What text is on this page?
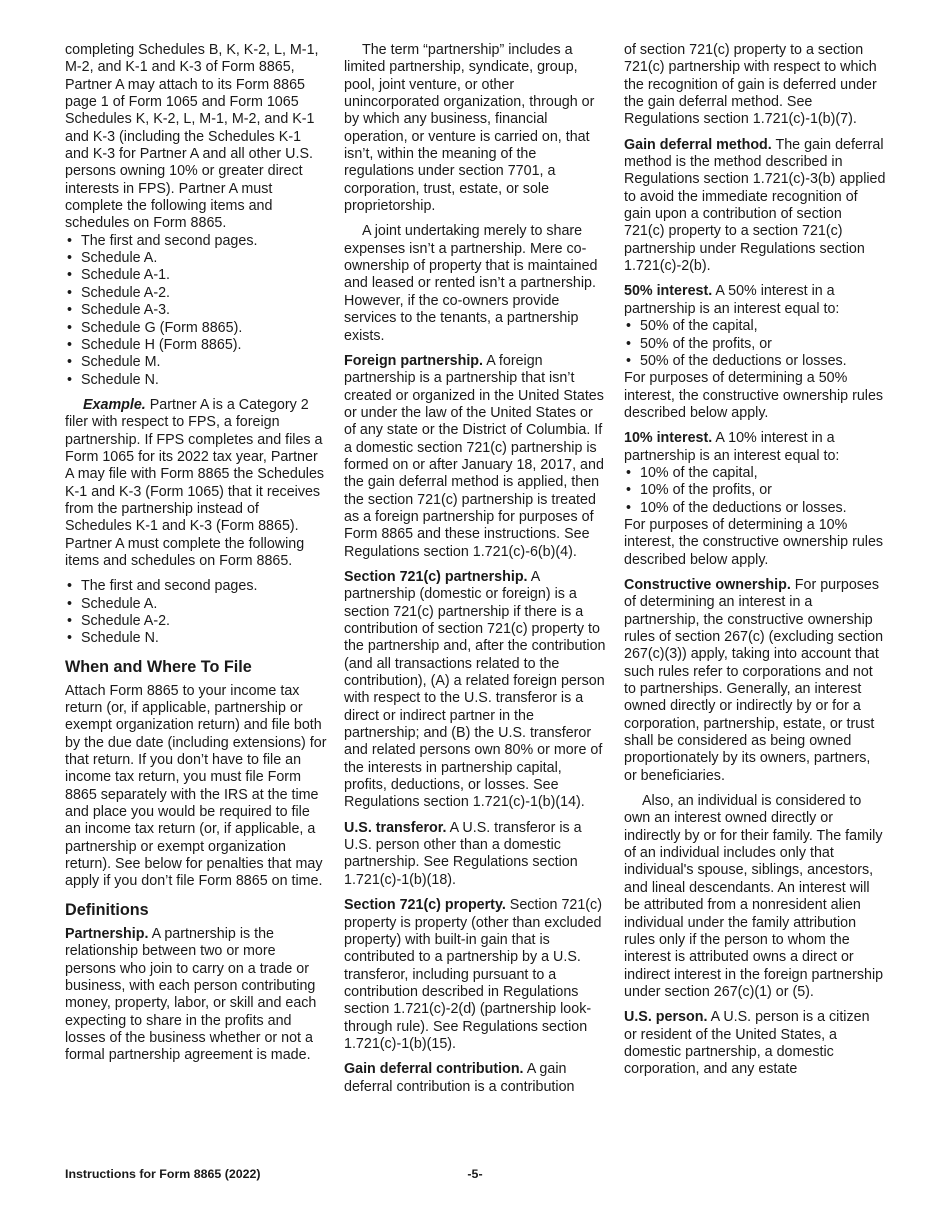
completing Schedules B, K, K-2, L, M-1, M-2, and K-1 and K-3 of Form 8865, Partner A may attach to its Form 8865 page 1 of Form 1065 and Form 1065 Schedules K, K-2, L, M-1, M-2, and K-1 and K-3 (including the Schedules K-1 and K-3 for Partner A and all other U.S. persons owning 10% or greater direct interests in FPS). Partner A must complete the following items and schedules on Form 8865.

• The first and second pages.
• Schedule A.
• Schedule A-1.
• Schedule A-2.
• Schedule A-3.
• Schedule G (Form 8865).
• Schedule H (Form 8865).
• Schedule M.
• Schedule N.

Example. Partner A is a Category 2 filer with respect to FPS, a foreign partnership. If FPS completes and files a Form 1065 for its 2022 tax year, Partner A may file with Form 8865 the Schedules K-1 and K-3 (Form 1065) that it receives from the partnership instead of Schedules K-1 and K-3 (Form 8865). Partner A must complete the following items and schedules on Form 8865.

• The first and second pages.
• Schedule A.
• Schedule A-2.
• Schedule N.
When and Where To File

Attach Form 8865 to your income tax return (or, if applicable, partnership or exempt organization return) and file both by the due date (including extensions) for that return. If you don’t have to file an income tax return, you must file Form 8865 separately with the IRS at the time and place you would be required to file an income tax return (or, if applicable, a partnership or exempt organization return). See below for penalties that may apply if you don’t file Form 8865 on time.

Definitions

Partnership. A partnership is the relationship between two or more persons who join to carry on a trade or business, with each person contributing money, property, labor, or skill and each expecting to share in the profits and losses of the business whether or not a formal partnership agreement is made.

The term “partnership” includes a limited partnership, syndicate, group, pool, joint venture, or other unincorporated organization, through or by which any business, financial operation, or venture is carried on, that isn’t, within the meaning of the regulations under section 7701, a corporation, trust, estate, or sole proprietorship.

A joint undertaking merely to share expenses isn’t a partnership. Mere co-ownership of property that is maintained and leased or rented isn’t a partnership. However, if the co-owners provide services to the tenants, a partnership exists.

Foreign partnership. A foreign partnership is a partnership that isn’t created or organized in the United States or under the law of the United States or of any state or the District of Columbia. If a domestic section 721(c) partnership is formed on or after January 18, 2017, and the gain deferral method is applied, then the section 721(c) partnership is treated as a foreign partnership for purposes of Form 8865 and these instructions. See Regulations section 1.721(c)-6(b)(4).

Section 721(c) partnership. A partnership (domestic or foreign) is a section 721(c) partnership if there is a contribution of section 721(c) property to the partnership and, after the contribution (and all transactions related to the contribution), (A) a related foreign person with respect to the U.S. transferor is a direct or indirect partner in the partnership; and (B) the U.S. transferor and related persons own 80% or more of the interests in partnership capital, profits, deductions, or losses. See Regulations section 1.721(c)-1(b)(14).

U.S. transferor. A U.S. transferor is a U.S. person other than a domestic partnership. See Regulations section 1.721(c)-1(b)(18).

Section 721(c) property. Section 721(c) property is property (other than excluded property) with built-in gain that is contributed to a partnership by a U.S. transferor, including pursuant to a contribution described in Regulations section 1.721(c)-2(d) (partnership look-through rule). See Regulations section 1.721(c)-1(b)(15).

Gain deferral contribution. A gain deferral contribution is a contribution

of section 721(c) property to a section 721(c) partnership with respect to which the recognition of gain is deferred under the gain deferral method. See Regulations section 1.721(c)-1(b)(7).

Gain deferral method. The gain deferral method is the method described in Regulations section 1.721(c)-3(b) applied to avoid the immediate recognition of gain upon a contribution of section 721(c) property to a section 721(c) partnership under Regulations section 1.721(c)-2(b).

50% interest. A 50% interest in a partnership is an interest equal to:

• 50% of the capital,
• 50% of the profits, or
• 50% of the deductions or losses.

For purposes of determining a 50% interest, the constructive ownership rules described below apply.

10% interest. A 10% interest in a partnership is an interest equal to:

• 10% of the capital,
• 10% of the profits, or
• 10% of the deductions or losses.

For purposes of determining a 10% interest, the constructive ownership rules described below apply.

Constructive ownership. For purposes of determining an interest in a partnership, the constructive ownership rules of section 267(c) (excluding section 267(c)(3)) apply, taking into account that such rules refer to corporations and not to partnerships. Generally, an interest owned directly or indirectly by or for a corporation, partnership, estate, or trust shall be considered as being owned proportionately by its owners, partners, or beneficiaries.

Also, an individual is considered to own an interest owned directly or indirectly by or for their family. The family of an individual includes only that individual's spouse, siblings, ancestors, and lineal descendants. An interest will be attributed from a nonresident alien individual under the family attribution rules only if the person to whom the interest is attributed owns a direct or indirect interest in the foreign partnership under section 267(c)(1) or (5).

U.S. person. A U.S. person is a citizen or resident of the United States, a domestic partnership, a domestic corporation, and any estate

Instructions for Form 8865 (2022)	-5-
